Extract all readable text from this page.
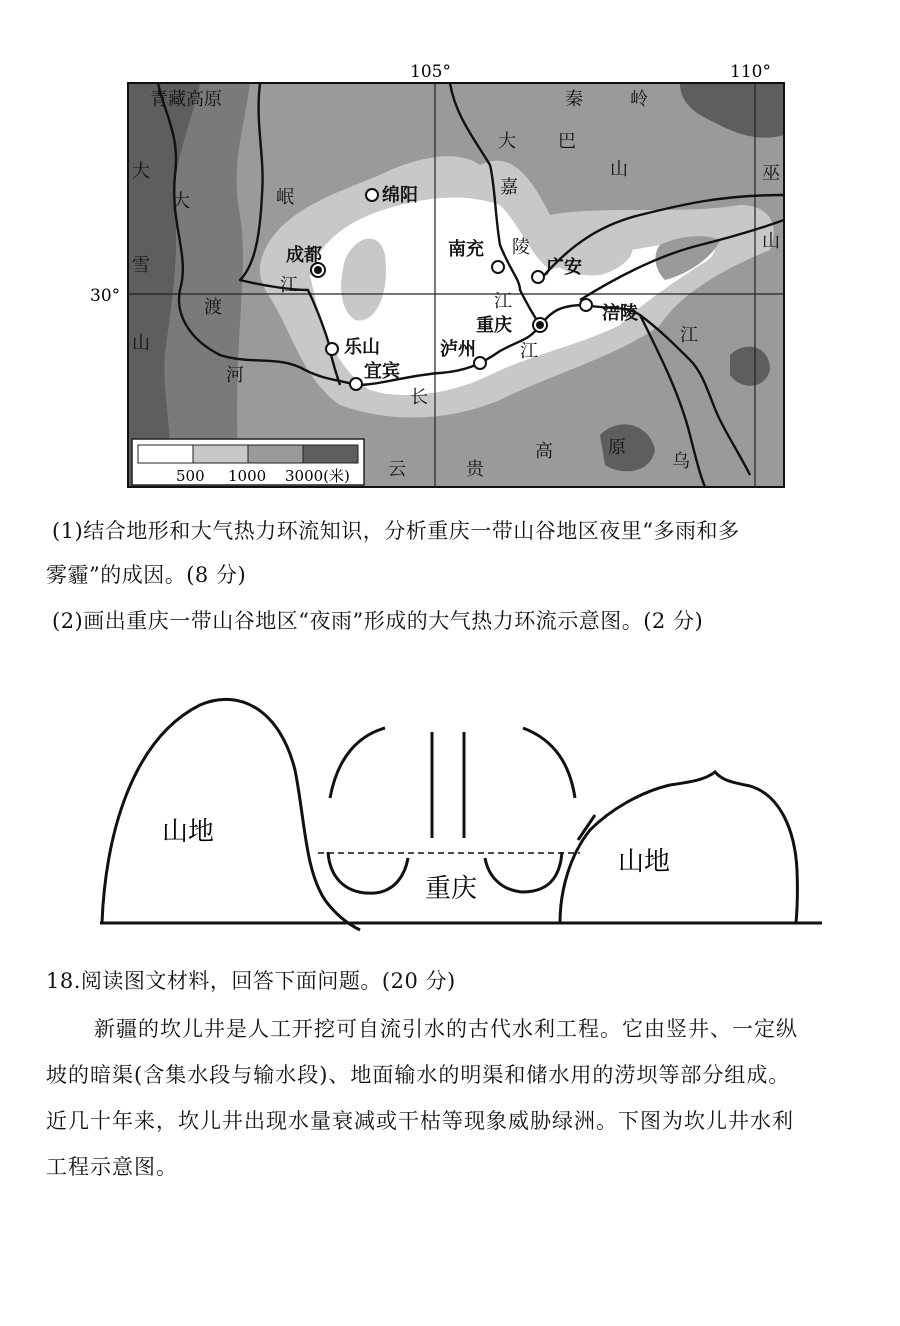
105°	110°
30°
500 1000 3000(米)
青藏高原	秦	岭
大 巴
山	巫
山
大
雪
山
岷
江
大
渡
河
嘉
陵
江
江
长
江
云	贵
高	原
乌
绵阳
成都	南充
广安
乐山
宜宾
泸州
重庆
涪陵
(1)结合地形和大气热力环流知识，分析重庆一带山谷地区夜里“多雨和多
雾霾”的成因。(8 分)
(2)画出重庆一带山谷地区“夜雨”形成的大气热力环流示意图。(2 分)
山地
重庆
山地
18.阅读图文材料，回答下面问题。(20 分)
新疆的坎儿井是人工开挖可自流引水的古代水利工程。它由竖井、一定纵
坡的暗渠(含集水段与输水段)、地面输水的明渠和储水用的涝坝等部分组成。
近几十年来，坎儿井出现水量衰减或干枯等现象威胁绿洲。下图为坎儿井水利
工程示意图。
